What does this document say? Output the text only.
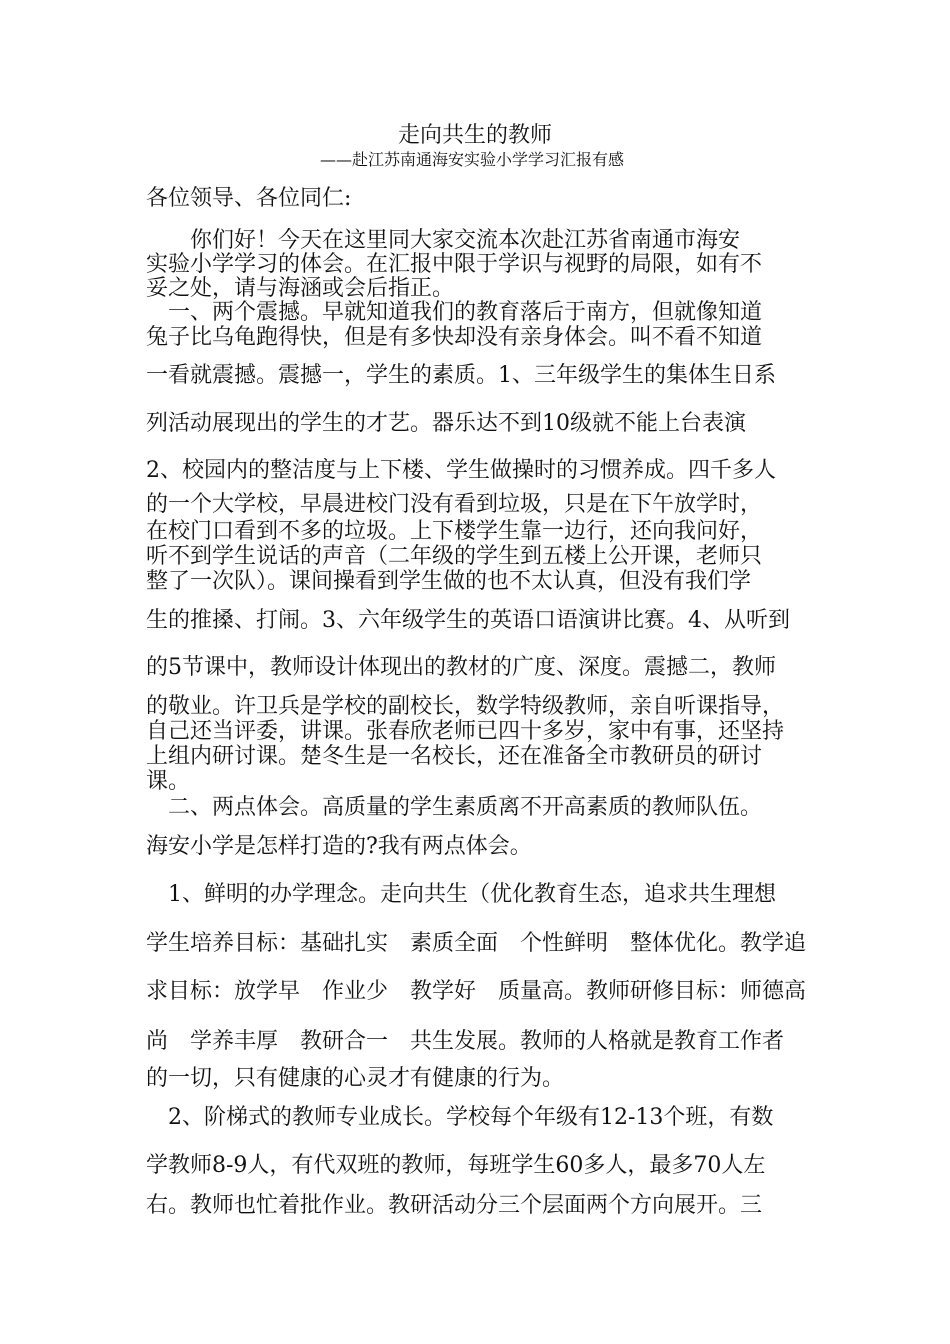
走向共生的教师
——赴江苏南通海安实验小学学习汇报有感
各位领导、各位同仁:
　　你们好！今天在这里同大家交流本次赴江苏省南通市海安
实验小学学习的体会。在汇报中限于学识与视野的局限，如有不
妥之处，请与海涵或会后指正。
　一、两个震撼。早就知道我们的教育落后于南方，但就像知道
兔子比乌龟跑得快，但是有多快却没有亲身体会。叫不看不知道
一看就震撼。震撼一，学生的素质。1、三年级学生的集体生日系
列活动展现出的学生的才艺。器乐达不到10级就不能上台表演
2、校园内的整洁度与上下楼、学生做操时的习惯养成。四千多人
的一个大学校，早晨进校门没有看到垃圾，只是在下午放学时，
在校门口看到不多的垃圾。上下楼学生靠一边行，还向我问好，
听不到学生说话的声音（二年级的学生到五楼上公开课，老师只
整了一次队）。课间操看到学生做的也不太认真，但没有我们学
生的推搡、打闹。3、六年级学生的英语口语演讲比赛。4、从听到
的5节课中，教师设计体现出的教材的广度、深度。震撼二，教师
的敬业。许卫兵是学校的副校长，数学特级教师，亲自听课指导，
自己还当评委，讲课。张春欣老师已四十多岁，家中有事，还坚持
上组内研讨课。楚冬生是一名校长，还在准备全市教研员的研讨
课。
　二、两点体会。高质量的学生素质离不开高素质的教师队伍。
海安小学是怎样打造的?我有两点体会。
　1、鲜明的办学理念。走向共生（优化教育生态，追求共生理想
学生培养目标：基础扎实　素质全面　个性鲜明　整体优化。教学追
求目标：放学早　作业少　教学好　质量高。教师研修目标：师德高
尚　学养丰厚　教研合一　共生发展。教师的人格就是教育工作者
的一切，只有健康的心灵才有健康的行为。
　2、阶梯式的教师专业成长。学校每个年级有12-13个班，有数
学教师8-9人，有代双班的教师，每班学生60多人，最多70人左
右。教师也忙着批作业。教研活动分三个层面两个方向展开。三
